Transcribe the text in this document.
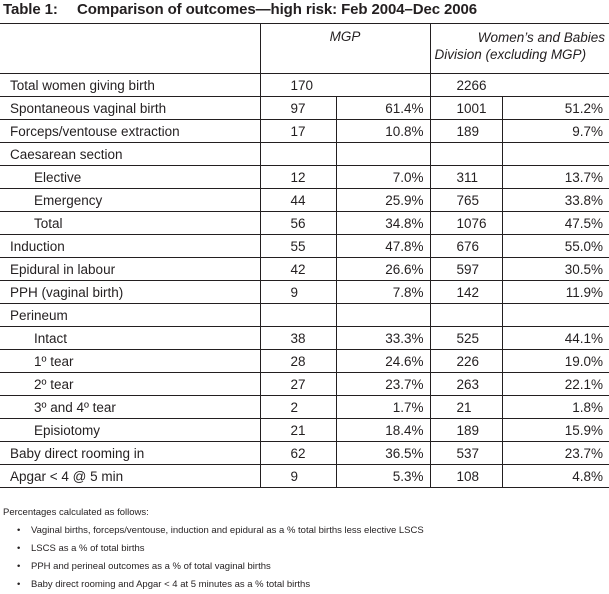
Table 1: Comparison of outcomes—high risk: Feb 2004–Dec 2006
	MGP		Women’s and Babies
Division (excluding MGP)	

Total women giving birth	170		2266	
Spontaneous vaginal birth	97	61.4%	1001	51.2%
Forceps/ventouse extraction	17	10.8%	189	9.7%
Caesarean section				
Elective	12	7.0%	311	13.7%
Emergency	44	25.9%	765	33.8%
Total	56	34.8%	1076	47.5%
Induction	55	47.8%	676	55.0%
Epidural in labour	42	26.6%	597	30.5%
PPH (vaginal birth)	9	7.8%	142	11.9%
Perineum				
Intact	38	33.3%	525	44.1%
1º tear	28	24.6%	226	19.0%
2º tear	27	23.7%	263	22.1%
3º and 4º tear	2	1.7%	21	1.8%
Episiotomy	21	18.4%	189	15.9%
Baby direct rooming in	62	36.5%	537	23.7%
Apgar < 4 @ 5 min	9	5.3%	108	4.8%
Percentages calculated as follows:
• Vaginal births, forceps/ventouse, induction and epidural as a % total births less elective LSCS
• LSCS as a % of total births
• PPH and perineal outcomes as a % of total vaginal births
• Baby direct rooming and Apgar < 4 at 5 minutes as a % total births
